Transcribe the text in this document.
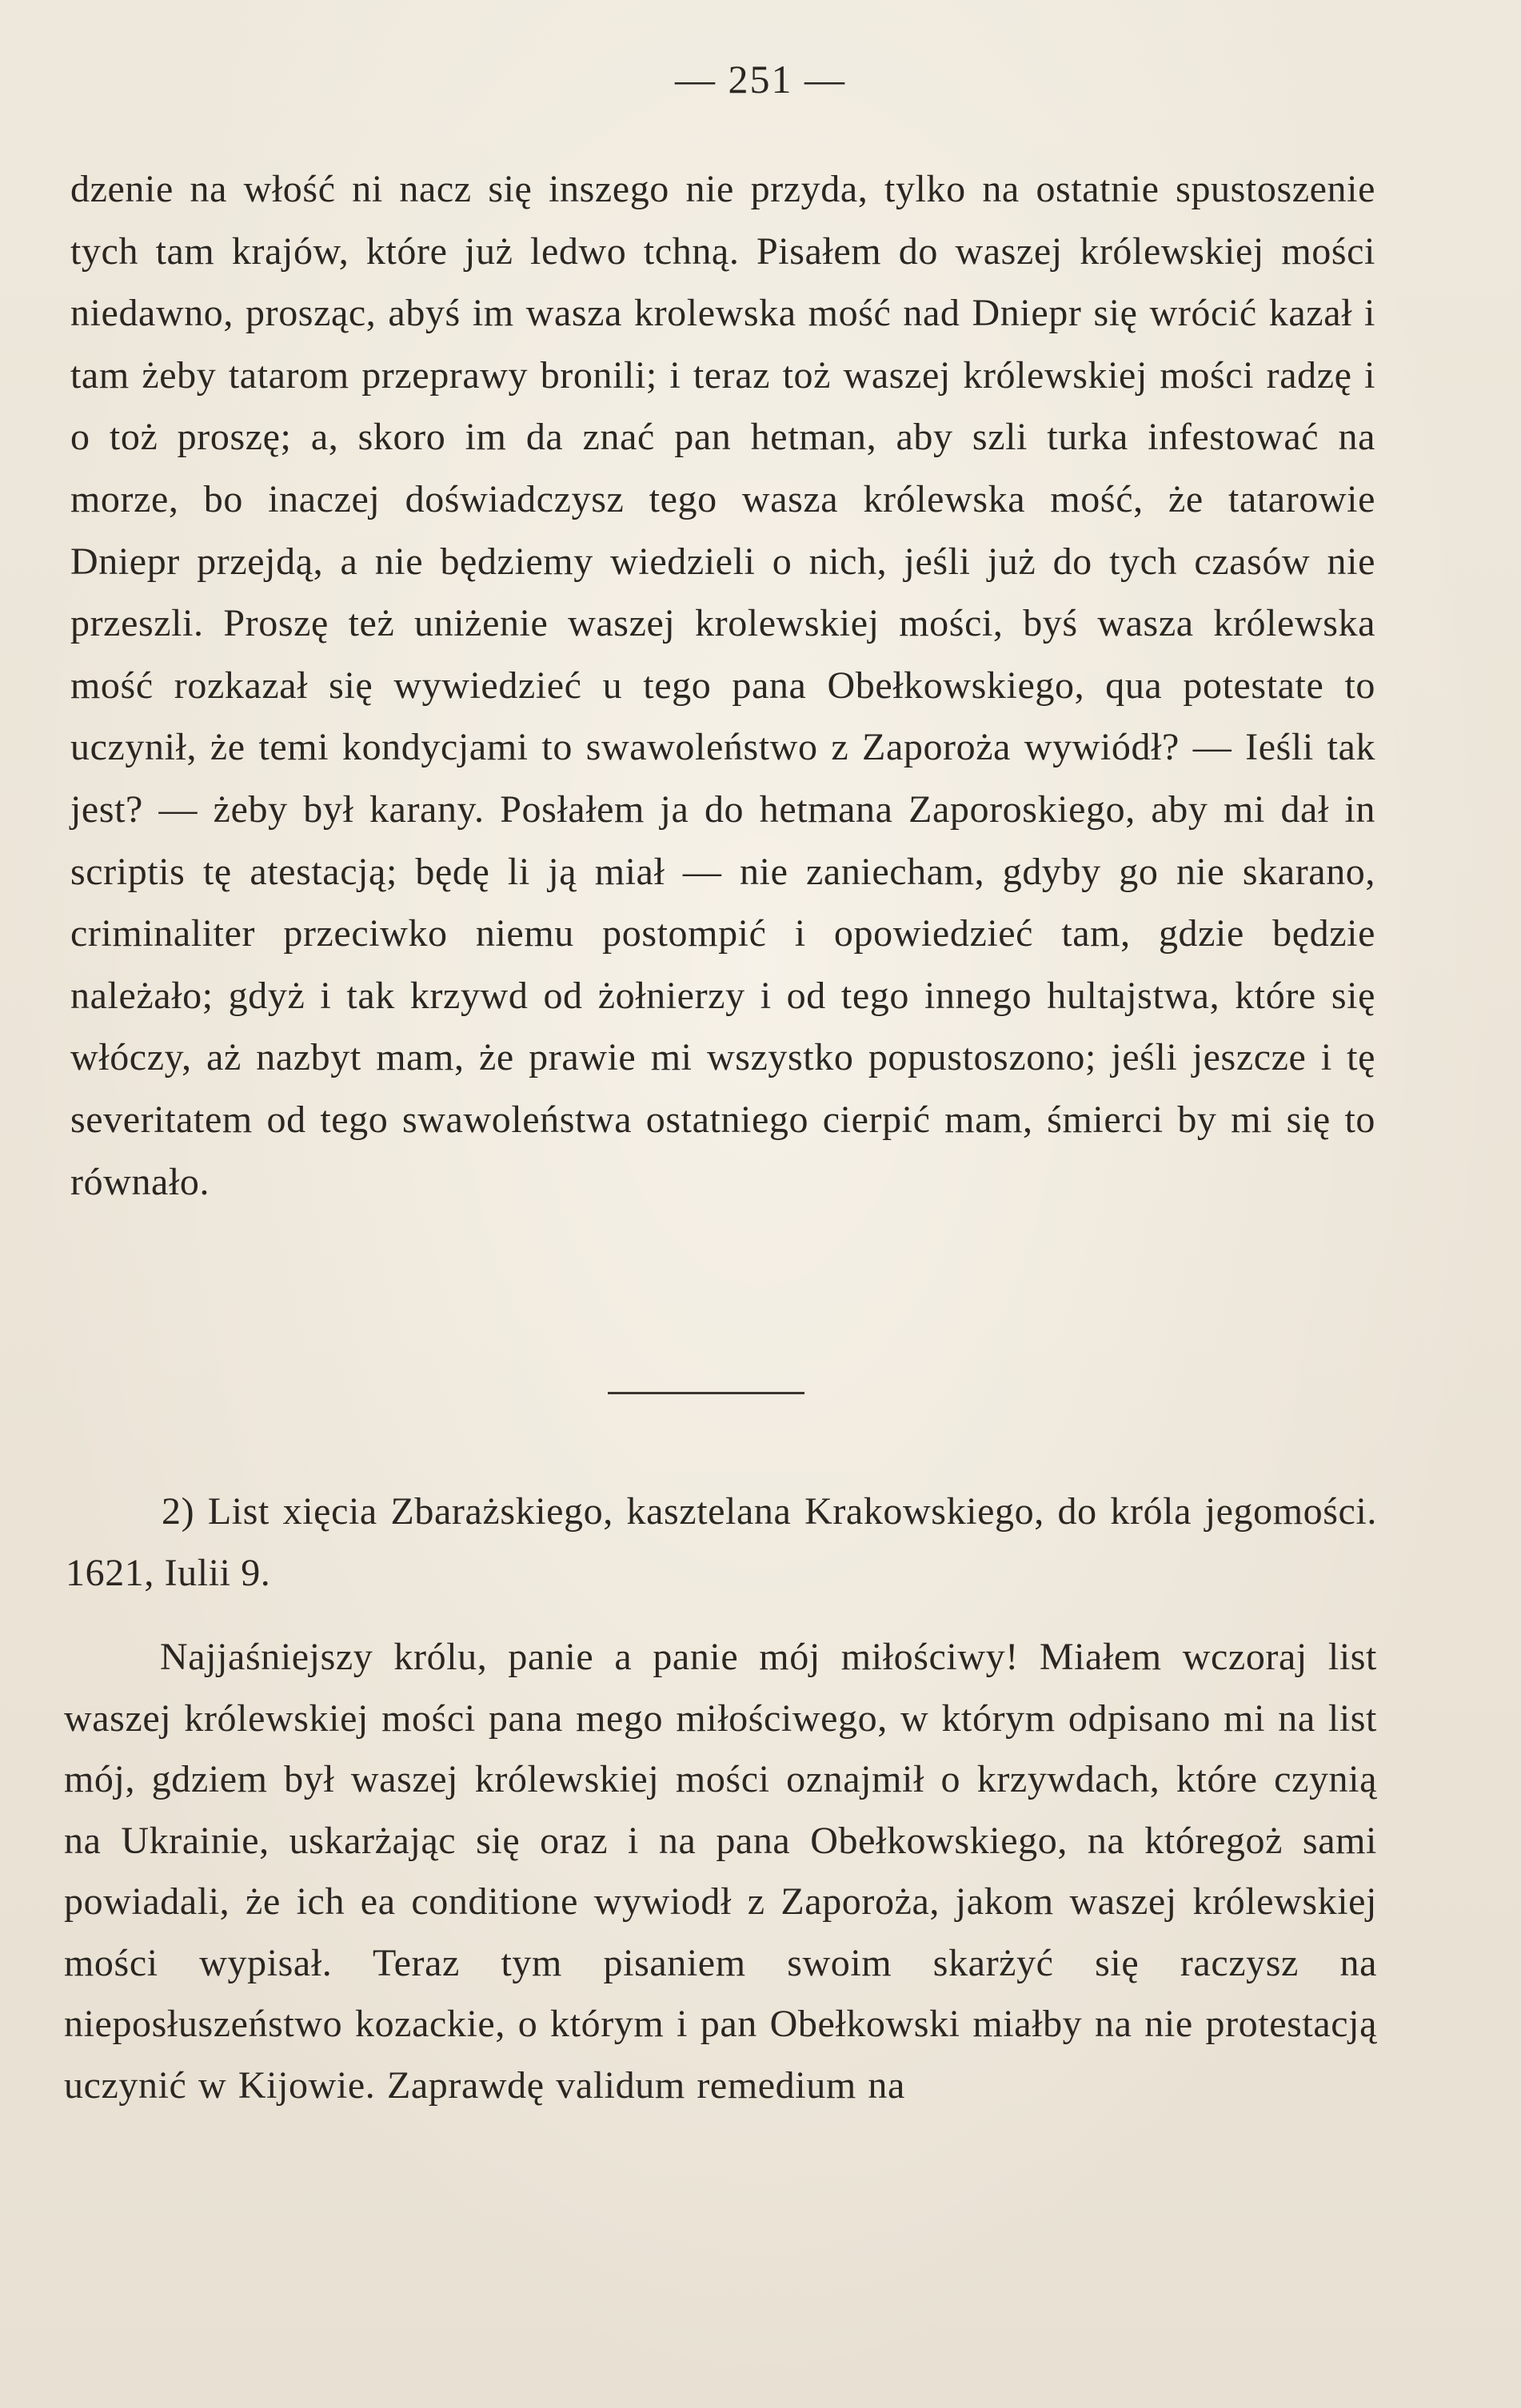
— 251 —

dzenie na włość ni nacz się inszego nie przyda, tylko na ostatnie spustoszenie tych tam krajów, które już ledwo tchną. Pisałem do waszej królewskiej mości niedawno, prosząc, abyś im wasza krolewska mość nad Dniepr się wrócić kazał i tam żeby tatarom przeprawy bronili; i teraz toż waszej królewskiej mości radzę i o toż proszę; a, skoro im da znać pan hetman, aby szli turka infestować na morze, bo inaczej doświadczysz tego wasza królewska mość, że tatarowie Dniepr przejdą, a nie będziemy wiedzieli o nich, jeśli już do tych czasów nie przeszli. Proszę też uniżenie waszej krolewskiej mości, byś wasza królewska mość rozkazał się wywiedzieć u tego pana Obełkowskiego, qua potestate to uczynił, że temi kondycjami to swawoleństwo z Zaporoża wywiódł? — Ieśli tak jest? — żeby był karany. Posłałem ja do hetmana Zaporoskiego, aby mi dał in scriptis tę atestacją; będę li ją miał — nie zaniecham, gdyby go nie skarano, criminaliter przeciwko niemu postompić i opowiedzieć tam, gdzie będzie należało; gdyż i tak krzywd od żołnierzy i od tego innego hultajstwa, które się włóczy, aż nazbyt mam, że prawie mi wszystko popustoszono; jeśli jeszcze i tę severitatem od tego swawoleństwa ostatniego cierpić mam, śmierci by mi się to równało.

2) List xięcia Zbarażskiego, kasztelana Krakowskiego, do króla jegomości. 1621, Iulii 9.

Najjaśniejszy królu, panie a panie mój miłościwy! Miałem wczoraj list waszej królewskiej mości pana mego miłościwego, w którym odpisano mi na list mój, gdziem był waszej królewskiej mości oznajmił o krzywdach, które czynią na Ukrainie, uskarżając się oraz i na pana Obełkowskiego, na któregoż sami powiadali, że ich ea conditione wywiodł z Zaporoża, jakom waszej królewskiej mości wypisał. Teraz tym pisaniem swoim skarżyć się raczysz na nieposłuszeństwo kozackie, o którym i pan Obełkowski miałby na nie protestacją uczynić w Kijowie. Zaprawdę validum remedium na
